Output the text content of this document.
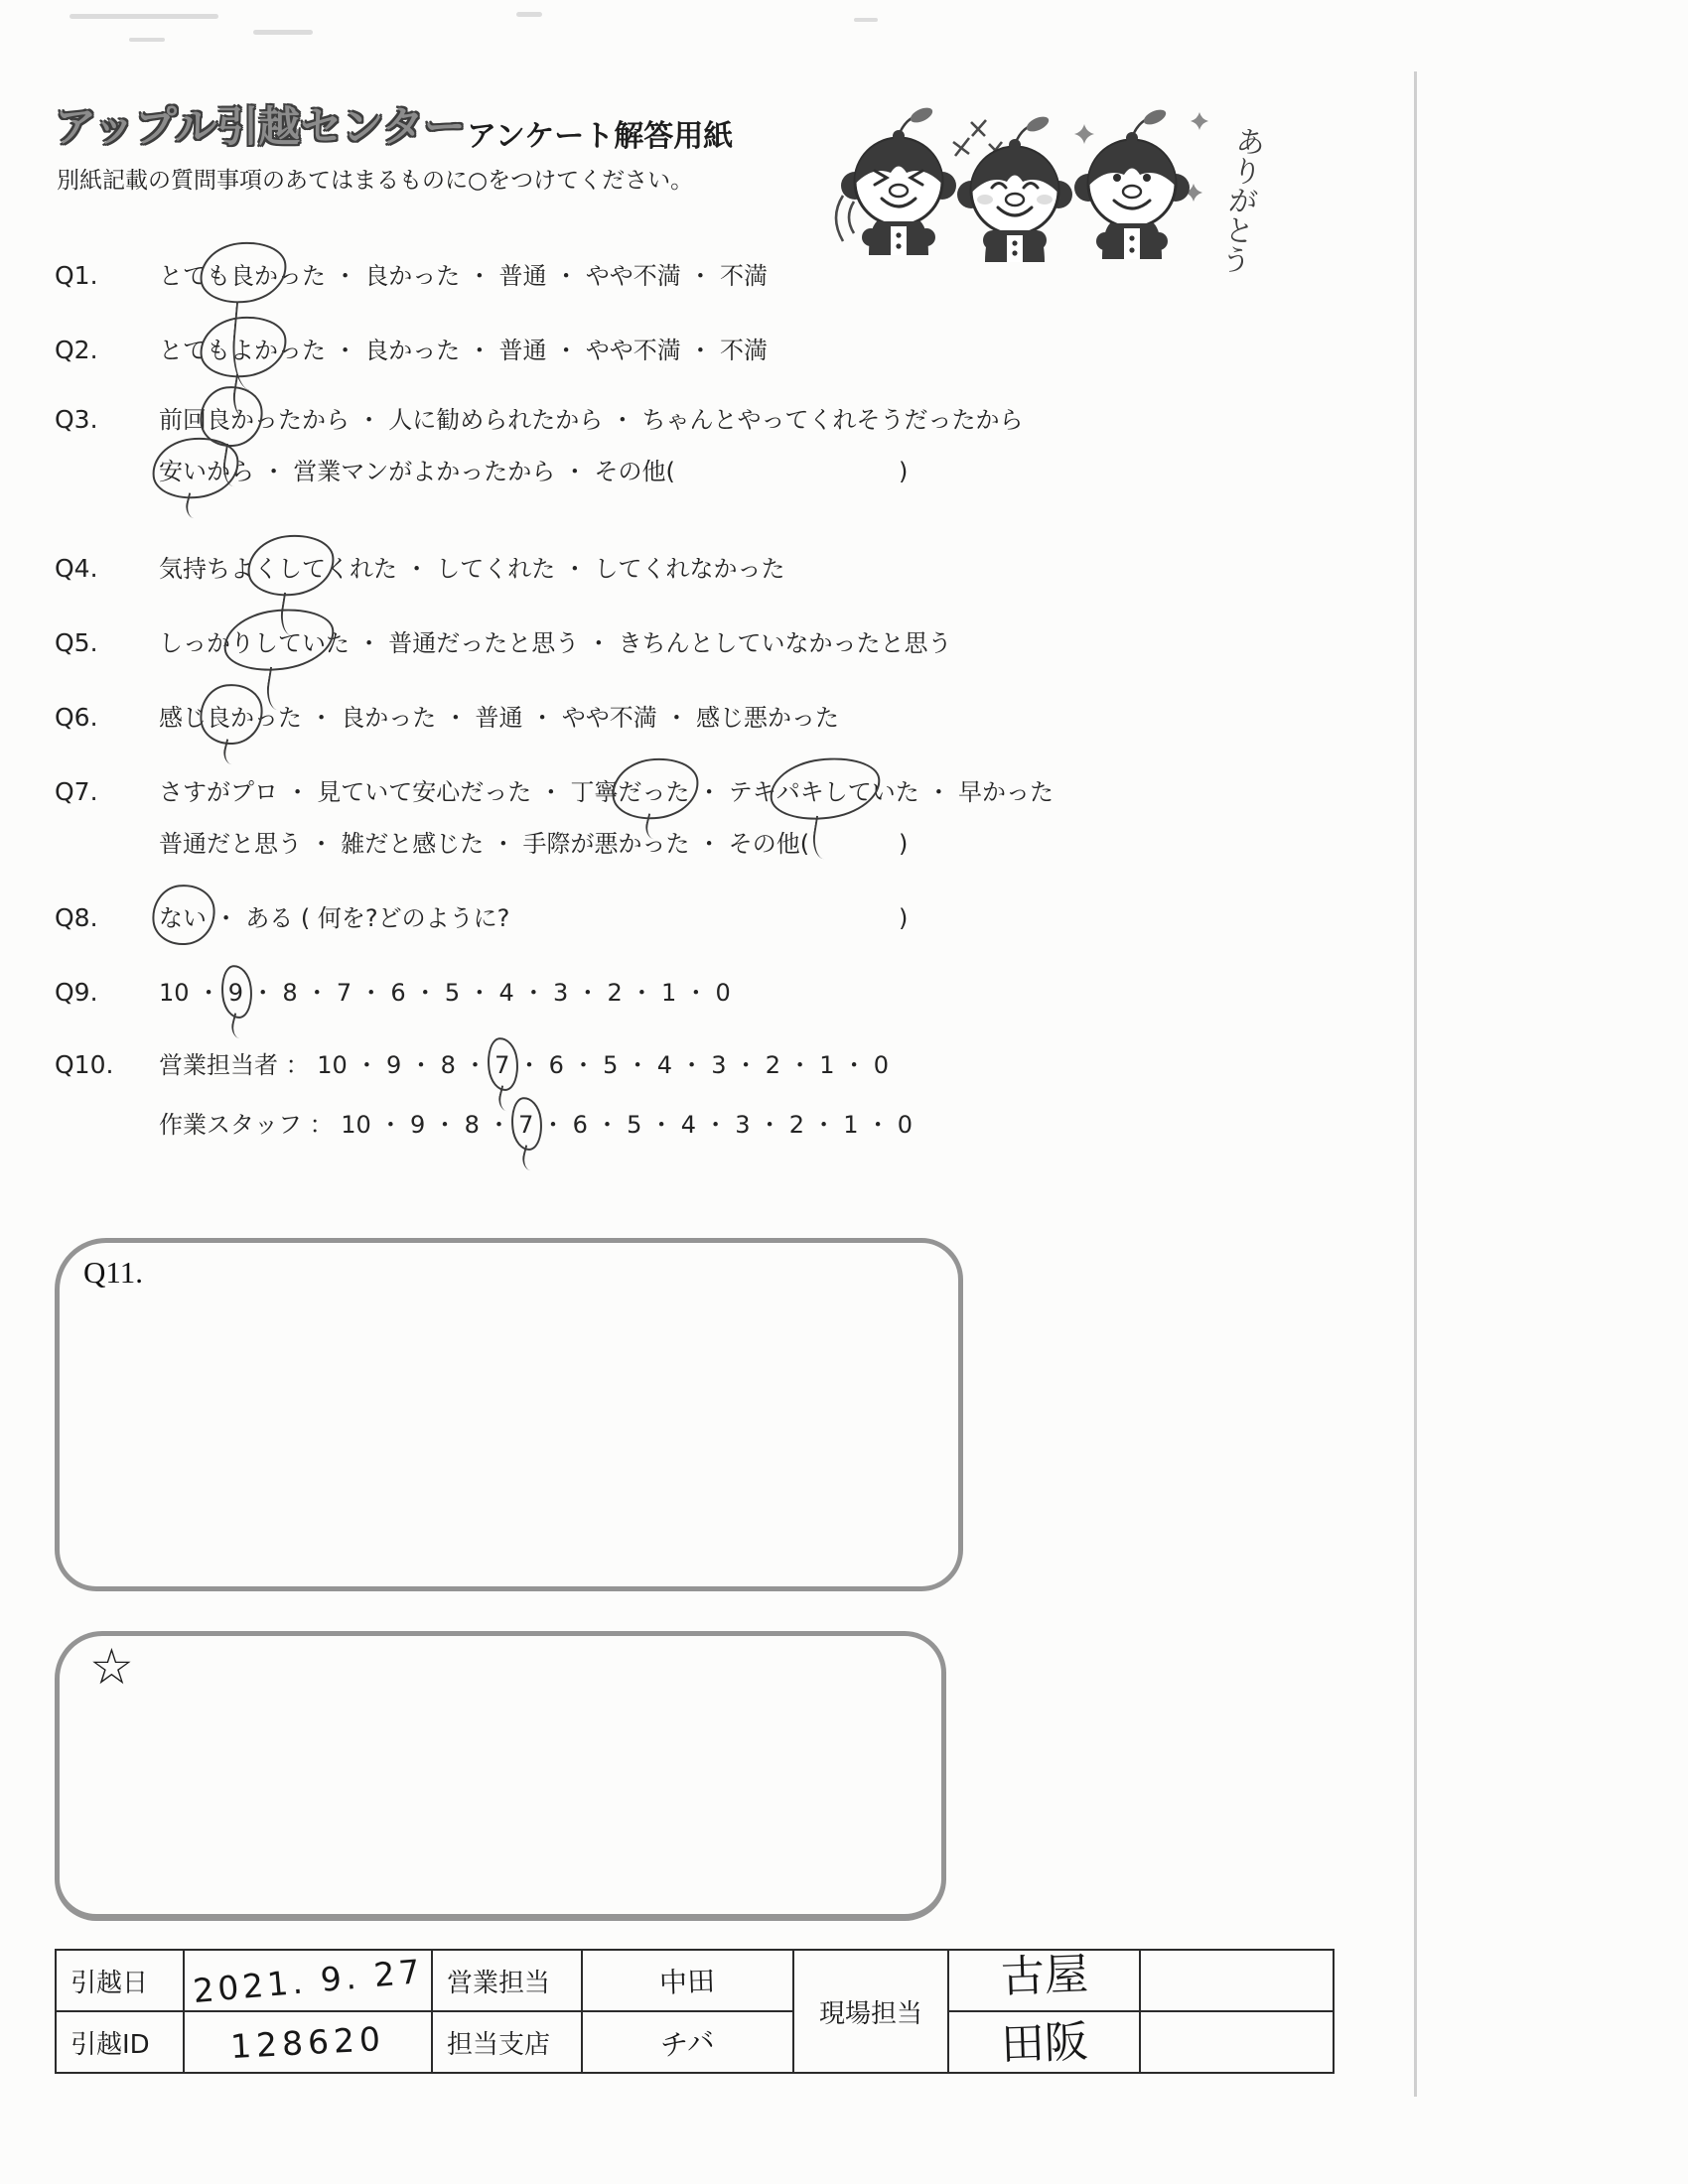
アップル引越センター アンケート解答用紙
別紙記載の質問事項のあてはまるものに○をつけてください。	ありがとう
Q1.	とても良かった ・ 良かった ・ 普通 ・ やや不満 ・ 不満
Q2.	とてもよかった ・ 良かった ・ 普通 ・ やや不満 ・ 不満
Q3.	前回良かったから ・ 人に勧められたから ・ ちゃんとやってくれそうだったから
安いから ・ 営業マンがよかったから ・ その他(	)
Q4.	気持ちよくしてくれた ・ してくれた ・ してくれなかった
Q5.	しっかりしていた ・ 普通だったと思う ・ きちんとしていなかったと思う
Q6.	感じ良かった ・ 良かった ・ 普通 ・ やや不満 ・ 感じ悪かった
Q7.	さすがプロ ・ 見ていて安心だった ・ 丁寧だった ・ テキパキしていた ・ 早かった
普通だと思う ・ 雑だと感じた ・ 手際が悪かった ・ その他(	)
Q8.	ない ・ ある ( 何を?どのように?	)
Q9.	10 ・ 9 ・ 8 ・ 7 ・ 6 ・ 5 ・ 4 ・ 3 ・ 2 ・ 1 ・ 0
Q10.	営業担当者 ： 10 ・ 9 ・ 8 ・ 7 ・ 6 ・ 5 ・ 4 ・ 3 ・ 2 ・ 1 ・ 0
作業スタッフ ： 10 ・ 9 ・ 8 ・ 7 ・ 6 ・ 5 ・ 4 ・ 3 ・ 2 ・ 1 ・ 0
Q11.
☆
引越日	2021. 9. 27	営業担当	中田	現場担当	古屋	
引越ID	128620	担当支店	チバ		田阪	
